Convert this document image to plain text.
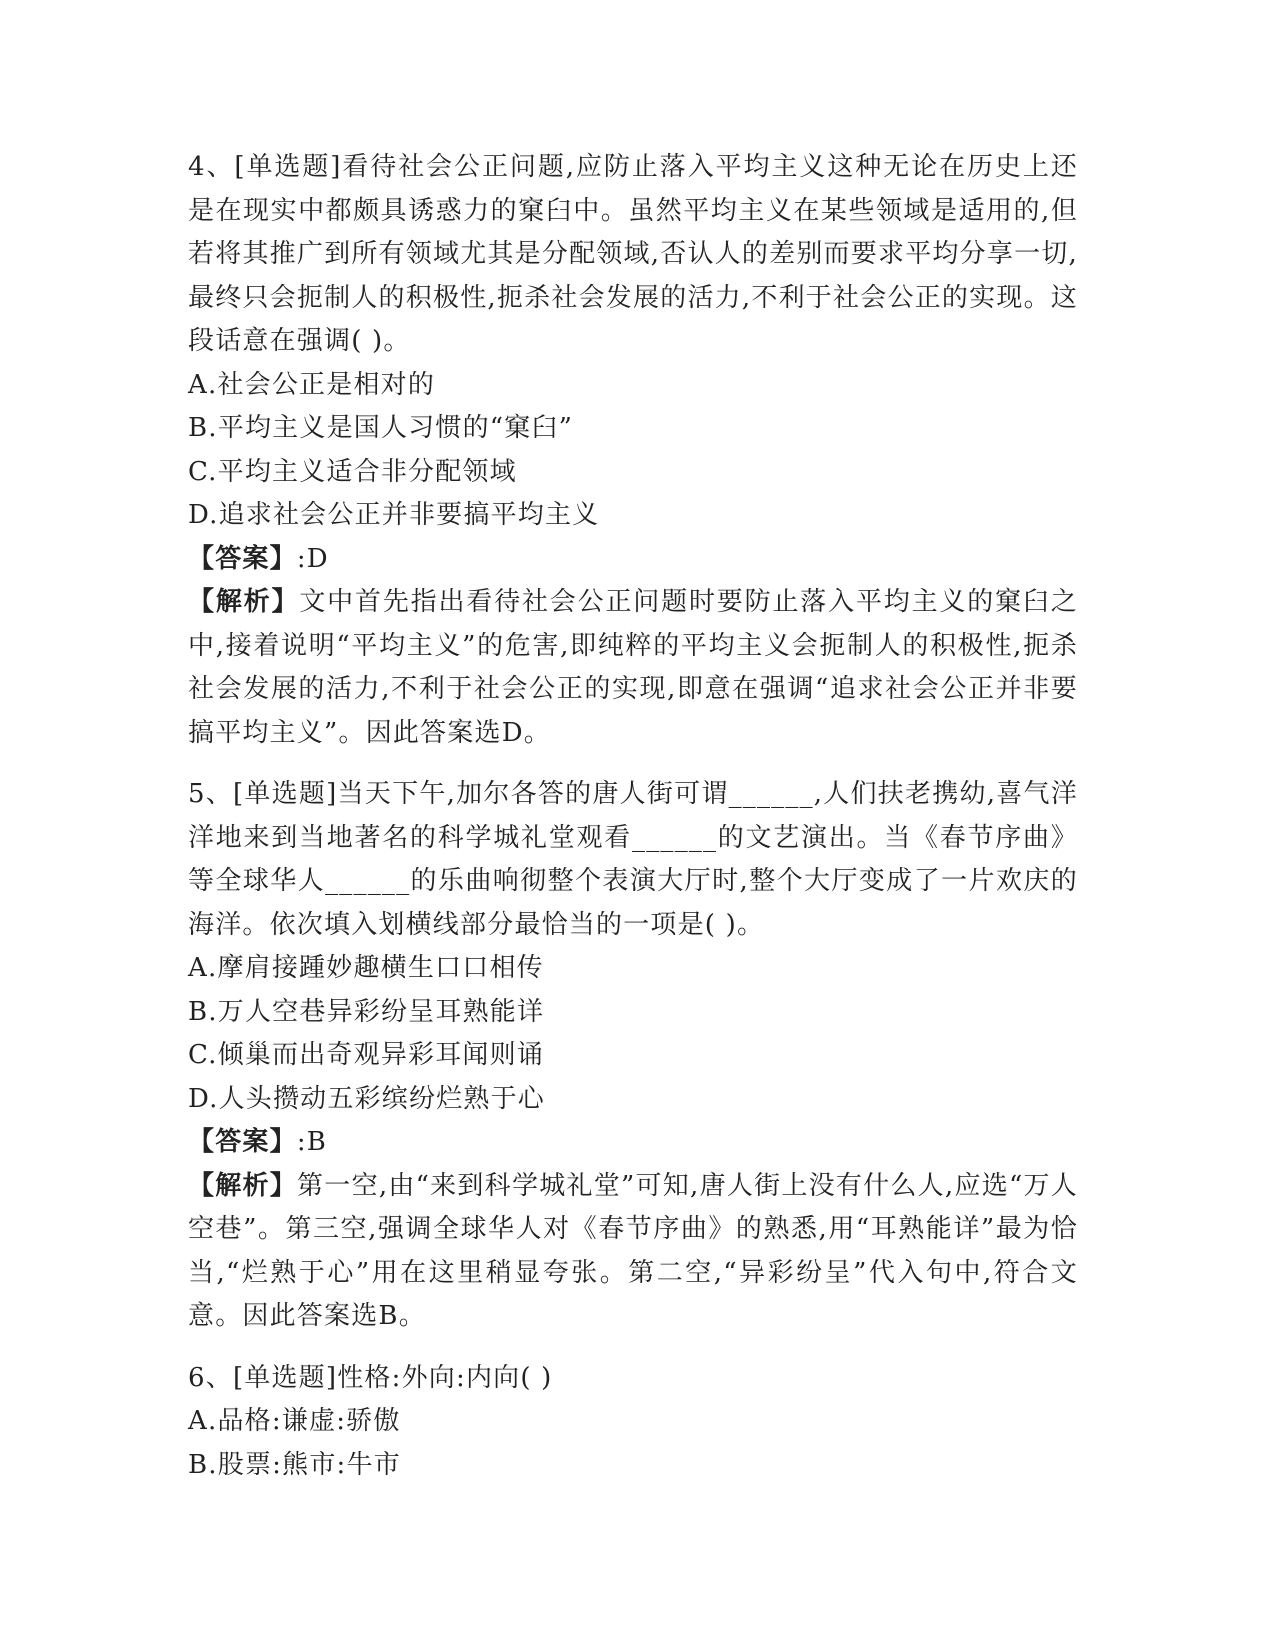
4、[单选题]看待社会公正问题,应防止落入平均主义这种无论在历史上还是在现实中都颇具诱惑力的窠臼中。虽然平均主义在某些领域是适用的,但若将其推广到所有领域尤其是分配领域,否认人的差别而要求平均分享一切,最终只会扼制人的积极性,扼杀社会发展的活力,不利于社会公正的实现。这段话意在强调( )。
A.社会公正是相对的
B.平均主义是国人习惯的“窠臼”
C.平均主义适合非分配领域
D.追求社会公正并非要搞平均主义
【答案】:D
【解析】文中首先指出看待社会公正问题时要防止落入平均主义的窠臼之中,接着说明“平均主义”的危害,即纯粹的平均主义会扼制人的积极性,扼杀社会发展的活力,不利于社会公正的实现,即意在强调“追求社会公正并非要搞平均主义”。因此答案选D。
5、[单选题]当天下午,加尔各答的唐人街可谓______,人们扶老携幼,喜气洋洋地来到当地著名的科学城礼堂观看______的文艺演出。当《春节序曲》等全球华人______的乐曲响彻整个表演大厅时,整个大厅变成了一片欢庆的海洋。依次填入划横线部分最恰当的一项是( )。
A.摩肩接踵妙趣横生口口相传
B.万人空巷异彩纷呈耳熟能详
C.倾巢而出奇观异彩耳闻则诵
D.人头攒动五彩缤纷烂熟于心
【答案】:B
【解析】第一空,由“来到科学城礼堂”可知,唐人街上没有什么人,应选“万人空巷”。第三空,强调全球华人对《春节序曲》的熟悉,用“耳熟能详”最为恰当,“烂熟于心”用在这里稍显夸张。第二空,“异彩纷呈”代入句中,符合文意。因此答案选B。
6、[单选题]性格:外向:内向( )
A.品格:谦虚:骄傲
B.股票:熊市:牛市
